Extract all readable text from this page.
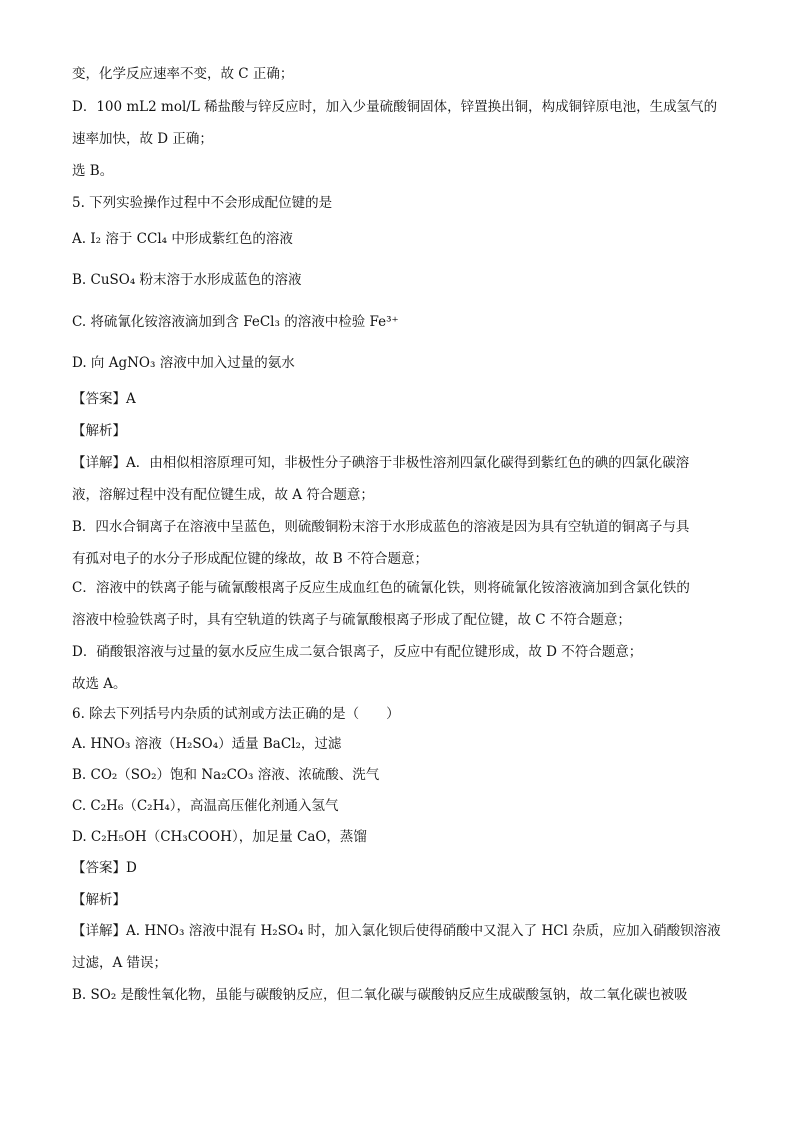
变，化学反应速率不变，故 C 正确；
D．100 mL2 mol/L 稀盐酸与锌反应时，加入少量硫酸铜固体，锌置换出铜，构成铜锌原电池，生成氢气的
速率加快，故 D 正确；
选 B。
5. 下列实验操作过程中不会形成配位键的是
A. I₂ 溶于 CCl₄ 中形成紫红色的溶液
B. CuSO₄ 粉末溶于水形成蓝色的溶液
C. 将硫氰化铵溶液滴加到含 FeCl₃ 的溶液中检验 Fe³⁺
D. 向 AgNO₃ 溶液中加入过量的氨水
【答案】A
【解析】
【详解】A．由相似相溶原理可知，非极性分子碘溶于非极性溶剂四氯化碳得到紫红色的碘的四氯化碳溶
液，溶解过程中没有配位键生成，故 A 符合题意；
B．四水合铜离子在溶液中呈蓝色，则硫酸铜粉末溶于水形成蓝色的溶液是因为具有空轨道的铜离子与具
有孤对电子的水分子形成配位键的缘故，故 B 不符合题意；
C．溶液中的铁离子能与硫氰酸根离子反应生成血红色的硫氰化铁，则将硫氰化铵溶液滴加到含氯化铁的
溶液中检验铁离子时，具有空轨道的铁离子与硫氰酸根离子形成了配位键，故 C 不符合题意；
D．硝酸银溶液与过量的氨水反应生成二氨合银离子，反应中有配位键形成，故 D 不符合题意；
故选 A。
6. 除去下列括号内杂质的试剂或方法正确的是（　　）
A. HNO₃ 溶液（H₂SO₄）适量 BaCl₂，过滤
B. CO₂（SO₂）饱和 Na₂CO₃ 溶液、浓硫酸、洗气
C. C₂H₆（C₂H₄），高温高压催化剂通入氢气
D. C₂H₅OH（CH₃COOH），加足量 CaO，蒸馏
【答案】D
【解析】
【详解】A. HNO₃ 溶液中混有 H₂SO₄ 时，加入氯化钡后使得硝酸中又混入了 HCl 杂质，应加入硝酸钡溶液
过滤，A 错误；
B. SO₂ 是酸性氧化物，虽能与碳酸钠反应，但二氧化碳与碳酸钠反应生成碳酸氢钠，故二氧化碳也被吸
